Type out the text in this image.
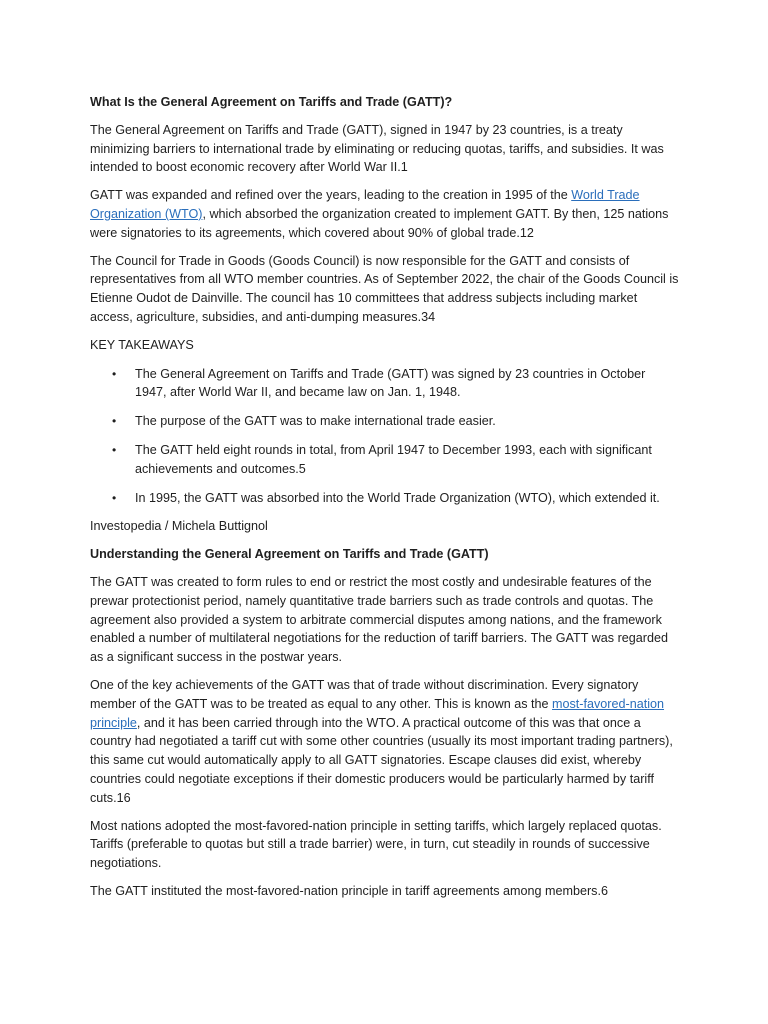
What Is the General Agreement on Tariffs and Trade (GATT)?

The General Agreement on Tariffs and Trade (GATT), signed in 1947 by 23 countries, is a treaty minimizing barriers to international trade by eliminating or reducing quotas, tariffs, and subsidies. It was intended to boost economic recovery after World War II.1

GATT was expanded and refined over the years, leading to the creation in 1995 of the World Trade Organization (WTO), which absorbed the organization created to implement GATT. By then, 125 nations were signatories to its agreements, which covered about 90% of global trade.12

The Council for Trade in Goods (Goods Council) is now responsible for the GATT and consists of representatives from all WTO member countries. As of September 2022, the chair of the Goods Council is Etienne Oudot de Dainville. The council has 10 committees that address subjects including market access, agriculture, subsidies, and anti-dumping measures.34

KEY TAKEAWAYS
• The General Agreement on Tariffs and Trade (GATT) was signed by 23 countries in October 1947, after World War II, and became law on Jan. 1, 1948.
• The purpose of the GATT was to make international trade easier.
• The GATT held eight rounds in total, from April 1947 to December 1993, each with significant achievements and outcomes.5
• In 1995, the GATT was absorbed into the World Trade Organization (WTO), which extended it.

Investopedia / Michela Buttignol

Understanding the General Agreement on Tariffs and Trade (GATT)

The GATT was created to form rules to end or restrict the most costly and undesirable features of the prewar protectionist period, namely quantitative trade barriers such as trade controls and quotas. The agreement also provided a system to arbitrate commercial disputes among nations, and the framework enabled a number of multilateral negotiations for the reduction of tariff barriers. The GATT was regarded as a significant success in the postwar years.

One of the key achievements of the GATT was that of trade without discrimination. Every signatory member of the GATT was to be treated as equal to any other. This is known as the most-favored-nation principle, and it has been carried through into the WTO. A practical outcome of this was that once a country had negotiated a tariff cut with some other countries (usually its most important trading partners), this same cut would automatically apply to all GATT signatories. Escape clauses did exist, whereby countries could negotiate exceptions if their domestic producers would be particularly harmed by tariff cuts.16

Most nations adopted the most-favored-nation principle in setting tariffs, which largely replaced quotas. Tariffs (preferable to quotas but still a trade barrier) were, in turn, cut steadily in rounds of successive negotiations.

The GATT instituted the most-favored-nation principle in tariff agreements among members.6
